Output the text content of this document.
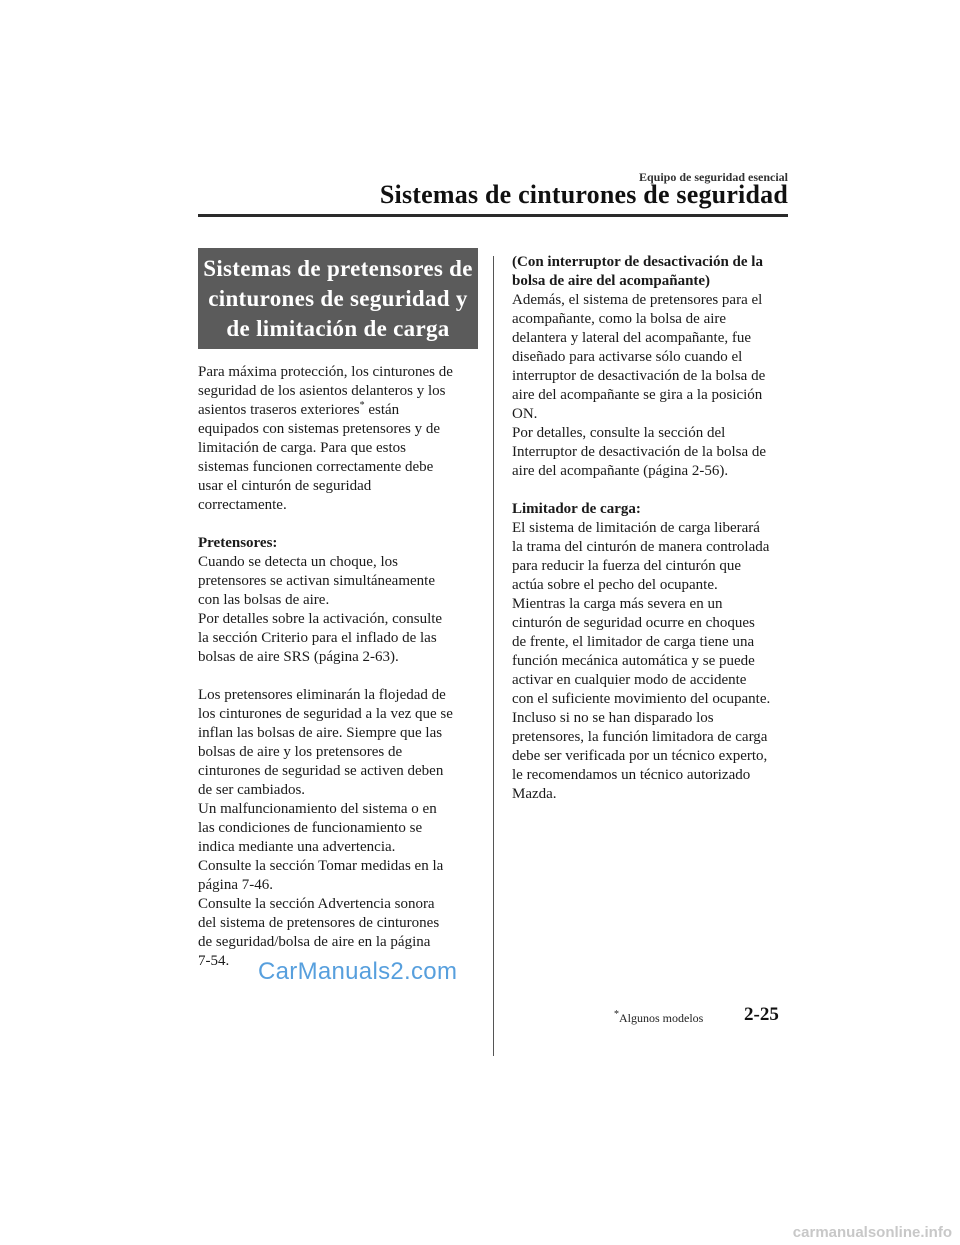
Equipo de seguridad esencial
Sistemas de cinturones de seguridad
Sistemas de pretensores de
cinturones de seguridad y
de limitación de carga

Para máxima protección, los cinturones de
seguridad de los asientos delanteros y los
asientos traseros exteriores* están
equipados con sistemas pretensores y de
limitación de carga. Para que estos
sistemas funcionen correctamente debe
usar el cinturón de seguridad
correctamente.

Pretensores:
Cuando se detecta un choque, los
pretensores se activan simultáneamente
con las bolsas de aire.
Por detalles sobre la activación, consulte
la sección Criterio para el inflado de las
bolsas de aire SRS (página 2-63).

Los pretensores eliminarán la flojedad de
los cinturones de seguridad a la vez que se
inflan las bolsas de aire. Siempre que las
bolsas de aire y los pretensores de
cinturones de seguridad se activen deben
de ser cambiados.
Un malfuncionamiento del sistema o en
las condiciones de funcionamiento se
indica mediante una advertencia.
Consulte la sección Tomar medidas en la
página 7-46.
Consulte la sección Advertencia sonora
del sistema de pretensores de cinturones
de seguridad/bolsa de aire en la página
7-54.

(Con interruptor de desactivación de la
bolsa de aire del acompañante)
Además, el sistema de pretensores para el
acompañante, como la bolsa de aire
delantera y lateral del acompañante, fue
diseñado para activarse sólo cuando el
interruptor de desactivación de la bolsa de
aire del acompañante se gira a la posición
ON.
Por detalles, consulte la sección del
Interruptor de desactivación de la bolsa de
aire del acompañante (página 2-56).

Limitador de carga:
El sistema de limitación de carga liberará
la trama del cinturón de manera controlada
para reducir la fuerza del cinturón que
actúa sobre el pecho del ocupante.
Mientras la carga más severa en un
cinturón de seguridad ocurre en choques
de frente, el limitador de carga tiene una
función mecánica automática y se puede
activar en cualquier modo de accidente
con el suficiente movimiento del ocupante.
Incluso si no se han disparado los
pretensores, la función limitadora de carga
debe ser verificada por un técnico experto,
le recomendamos un técnico autorizado
Mazda.

CarManuals2.com
*Algunos modelos 2-25
carmanualsonline.info
